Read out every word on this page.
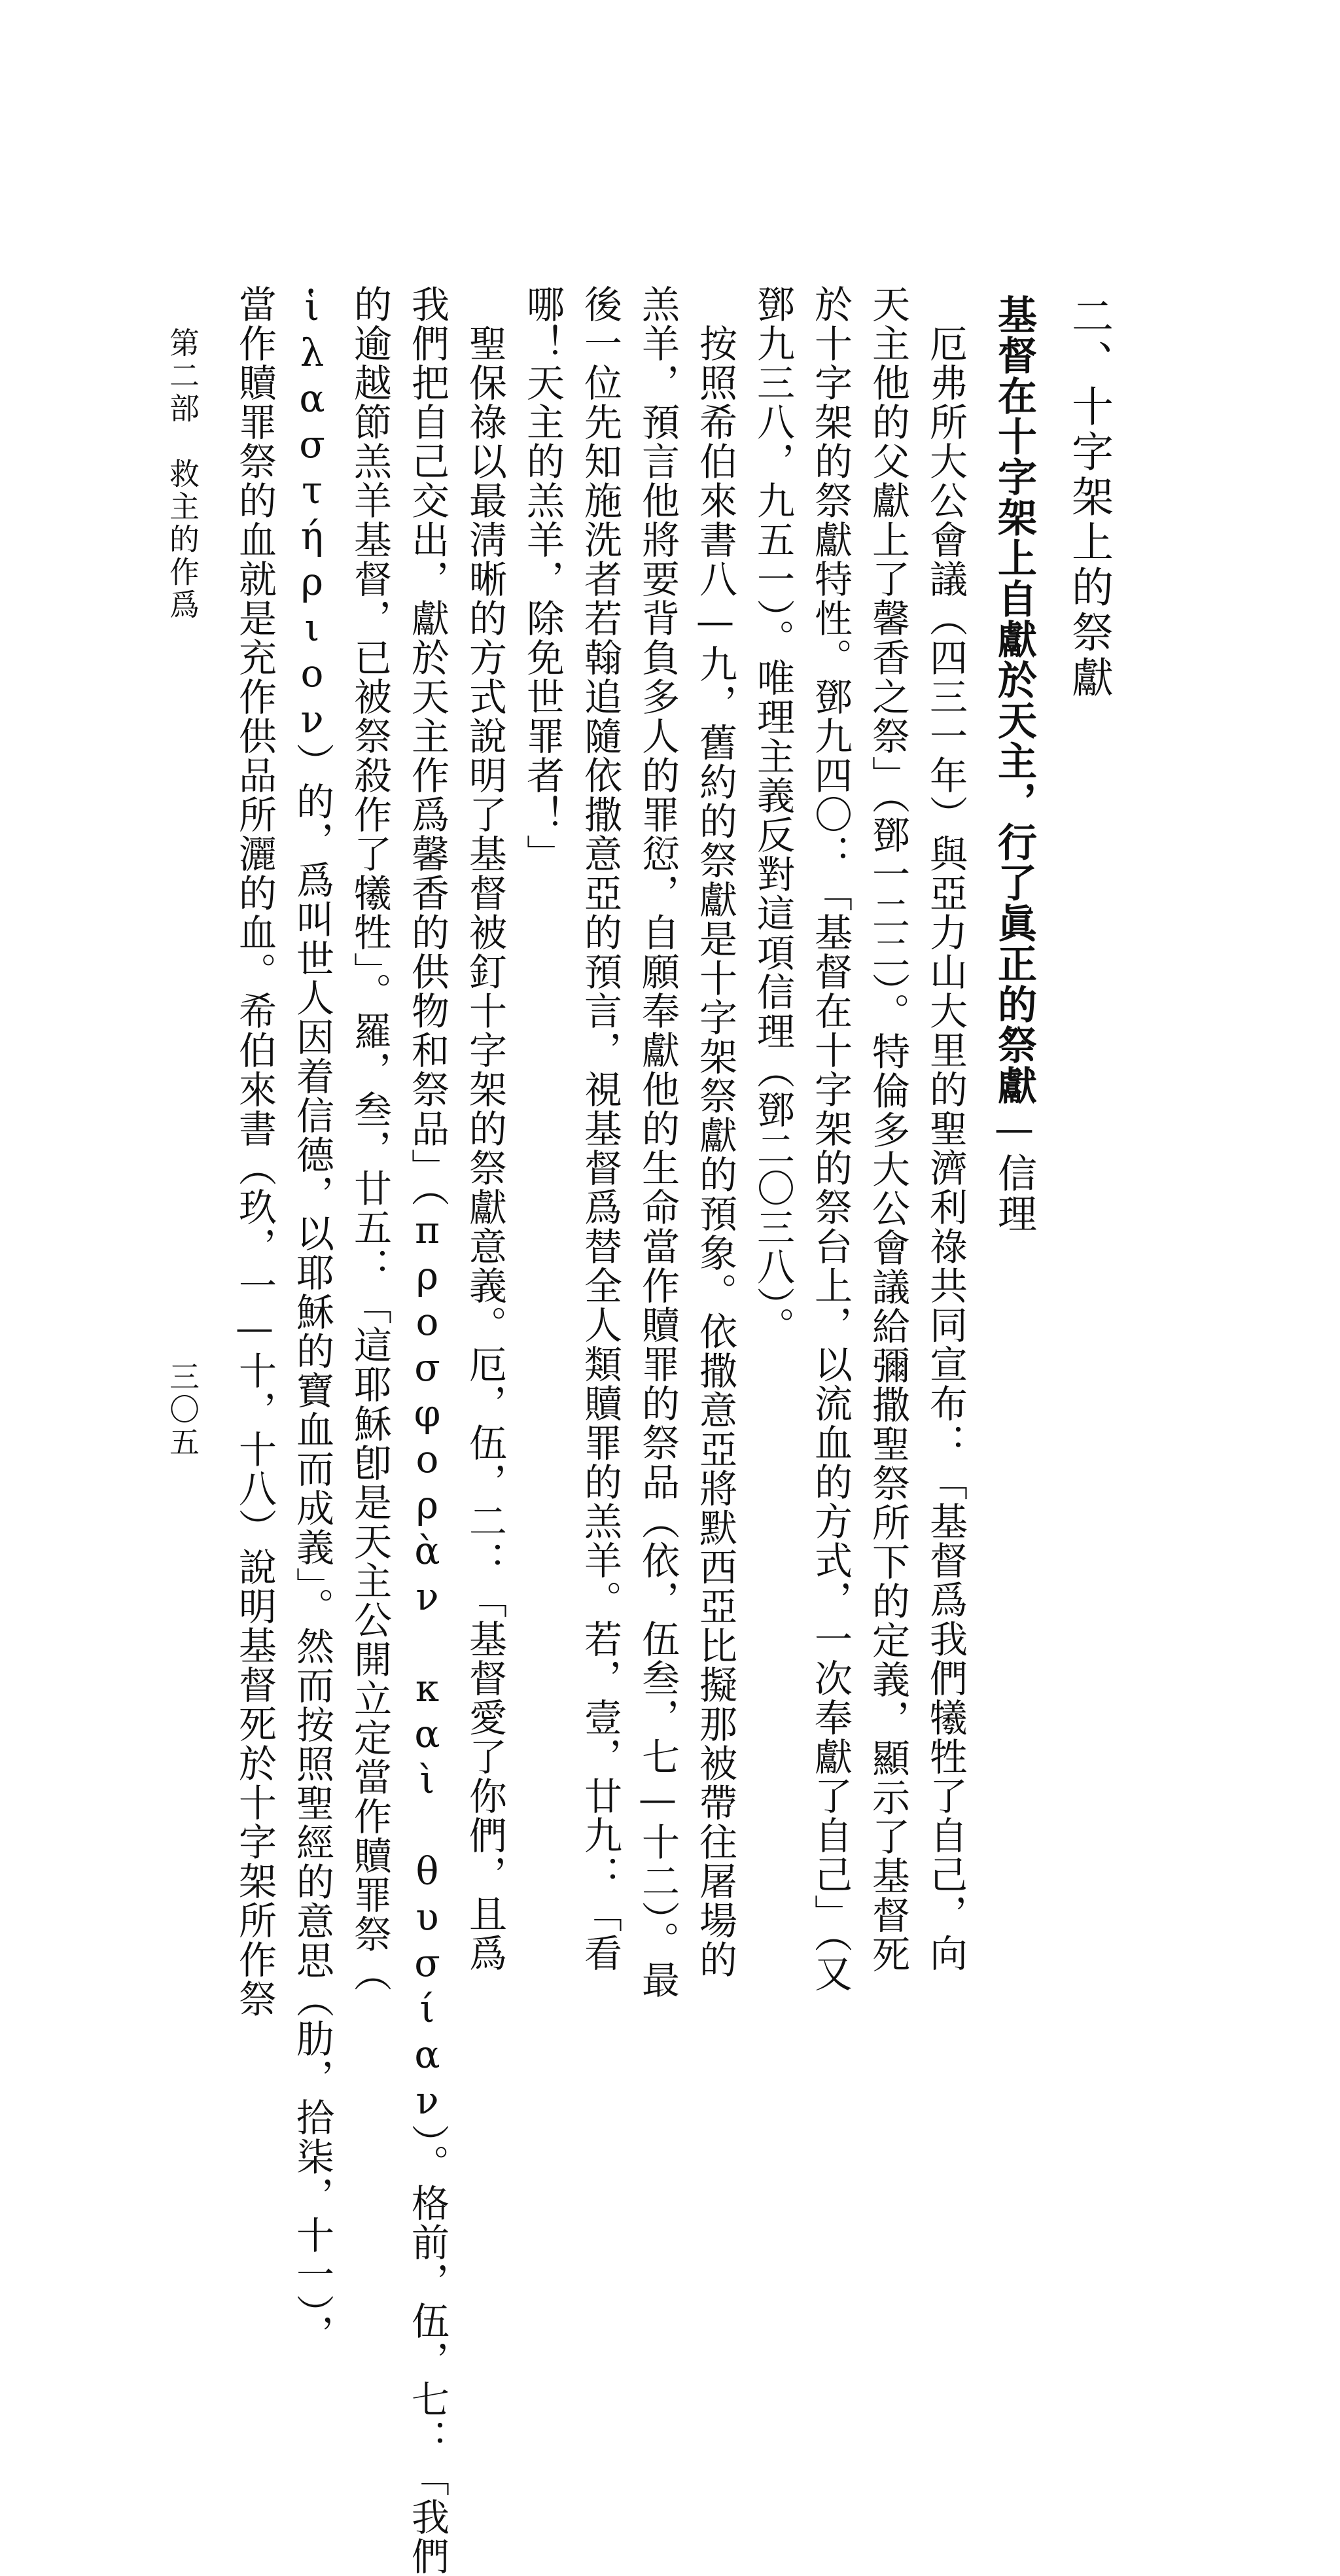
二、十字架上的祭獻
基督在十字架上自獻於天主，行了眞正的祭獻—信理
厄弗所大公會議（四三一年）與亞力山大里的聖濟利祿共同宣布：「基督爲我們犧牲了自己，向
天主他的父獻上了馨香之祭」（鄧一二二）。特倫多大公會議給彌撒聖祭所下的定義，顯示了基督死
於十字架的祭獻特性。鄧九四〇：「基督在十字架的祭台上，以流血的方式，一次奉獻了自己」（又
鄧九三八，九五一）。唯理主義反對這項信理（鄧二〇三八）。
按照希伯來書八—九，舊約的祭獻是十字架祭獻的預象。依撒意亞將默西亞比擬那被帶往屠場的
羔羊，預言他將要背負多人的罪愆，自願奉獻他的生命當作贖罪的祭品（依，伍叁，七—十二）。最
後一位先知施洗者若翰追隨依撒意亞的預言，視基督爲替全人類贖罪的羔羊。若，壹，廿九：「看
哪！天主的羔羊，除免世罪者！」
聖保祿以最淸晰的方式說明了基督被釘十字架的祭獻意義。厄，伍，二：「基督愛了你們，且爲
我們把自己交出，獻於天主作爲馨香的供物和祭品」（προσφορὰν καὶ θυσίαν）。格前，伍，七：「我們
的逾越節羔羊基督，已被祭殺作了犧牲」。羅，叁，廿五：「這耶穌卽是天主公開立定當作贖罪祭（
ἱλαστήριον）的，爲叫世人因着信德，以耶穌的寶血而成義」。然而按照聖經的意思（肋，拾柒，十一），
當作贖罪祭的血就是充作供品所灑的血。希伯來書（玖，一—十，十八）說明基督死於十字架所作祭
第二部　救主的作爲
三〇五
